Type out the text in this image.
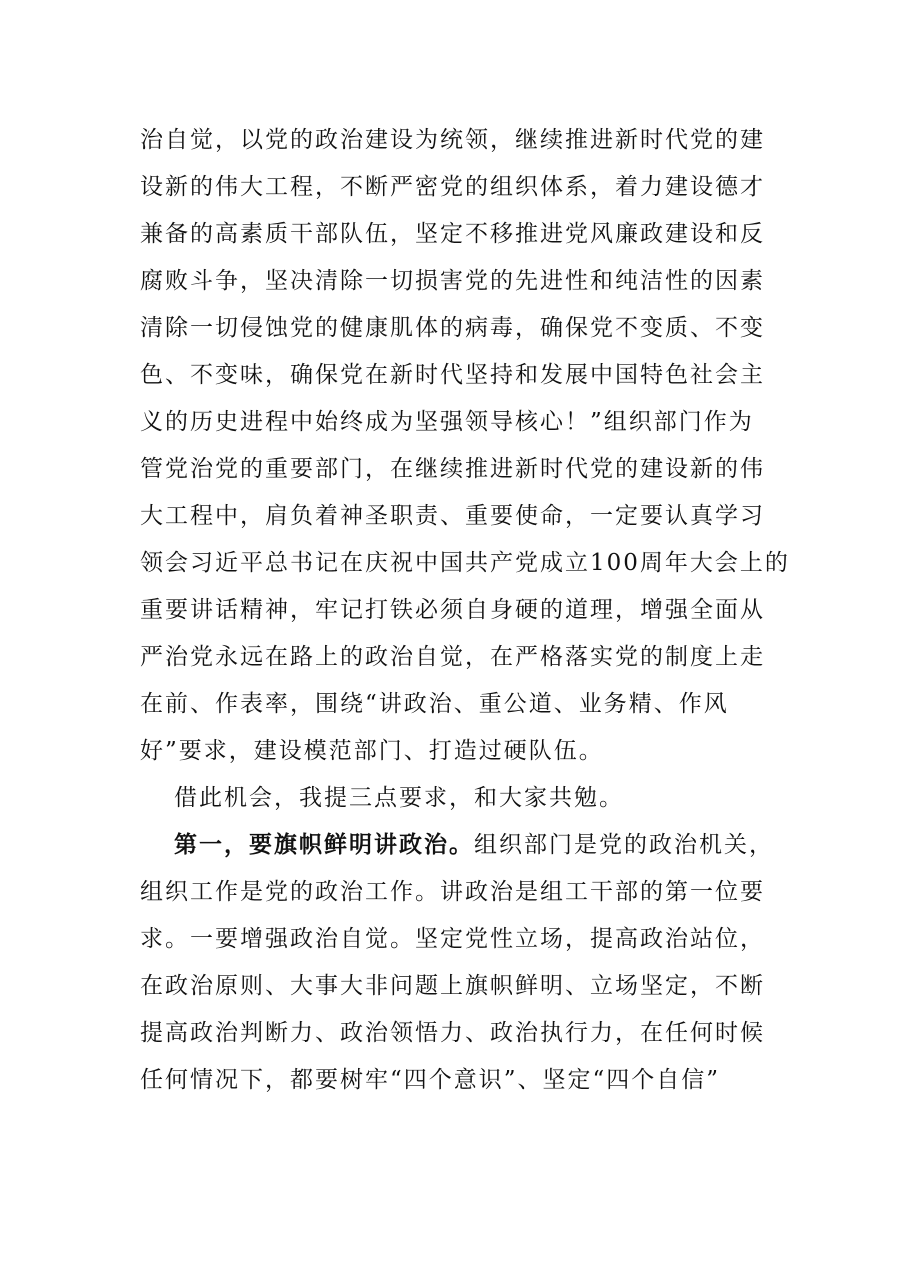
治自觉，以党的政治建设为统领，继续推进新时代党的建
设新的伟大工程，不断严密党的组织体系，着力建设德才
兼备的高素质干部队伍，坚定不移推进党风廉政建设和反
腐败斗争，坚决清除一切损害党的先进性和纯洁性的因素
清除一切侵蚀党的健康肌体的病毒，确保党不变质、不变
色、不变味，确保党在新时代坚持和发展中国特色社会主
义的历史进程中始终成为坚强领导核心！”组织部门作为
管党治党的重要部门，在继续推进新时代党的建设新的伟
大工程中，肩负着神圣职责、重要使命，一定要认真学习
领会习近平总书记在庆祝中国共产党成立100周年大会上的
重要讲话精神，牢记打铁必须自身硬的道理，增强全面从
严治党永远在路上的政治自觉，在严格落实党的制度上走
在前、作表率，围绕“讲政治、重公道、业务精、作风
好”要求，建设模范部门、打造过硬队伍。
借此机会，我提三点要求，和大家共勉。
第一，要旗帜鲜明讲政治。组织部门是党的政治机关，
组织工作是党的政治工作。讲政治是组工干部的第一位要
求。一要增强政治自觉。坚定党性立场，提高政治站位，
在政治原则、大事大非问题上旗帜鲜明、立场坚定，不断
提高政治判断力、政治领悟力、政治执行力，在任何时候
任何情况下，都要树牢“四个意识”、坚定“四个自信”
